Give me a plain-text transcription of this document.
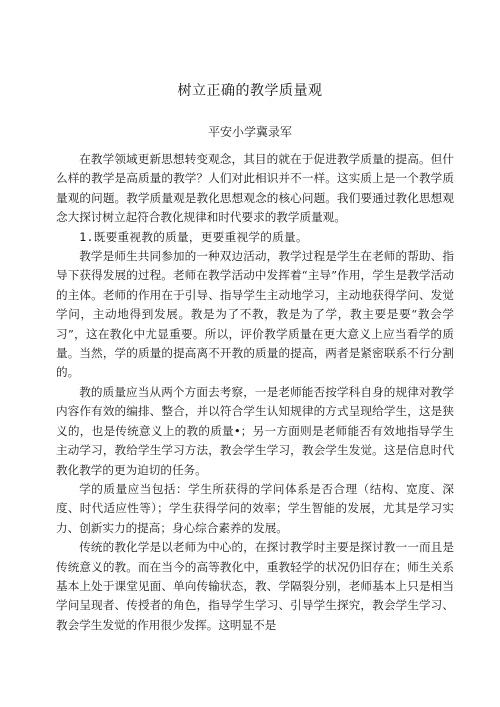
树立正确的教学质量观
平安小学冀录军

在教学领域更新思想转变观念，其目的就在于促进教学质量的提高。但什么样的教学是高质量的教学？人们对此相识并不一样。这实质上是一个教学质量观的问题。教学质量观是教化思想观念的核心问题。我们要通过教化思想观念大探讨树立起符合教化规律和时代要求的教学质量观。

1.既要重视教的质量，更要重视学的质量。

教学是师生共同参加的一种双边活动，教学过程是学生在老师的帮助、指导下获得发展的过程。老师在教学活动中发挥着“主导”作用，学生是教学活动的主体。老师的作用在于引导、指导学生主动地学习，主动地获得学问、发觉学问，主动地得到发展。教是为了不教，教是为了学，教主要是要“教会学习”，这在教化中尤显重要。所以，评价教学质量在更大意义上应当看学的质量。当然，学的质量的提高离不开教的质量的提高，两者是紧密联系不行分割的。

教的质量应当从两个方面去考察，一是老师能否按学科自身的规律对教学内容作有效的编排、整合，并以符合学生认知规律的方式呈现给学生，这是狭义的，也是传统意义上的教的质量•；另一方面则是老师能否有效地指导学生主动学习，教给学生学习方法，教会学生学习，教会学生发觉。这是信息时代教化教学的更为迫切的任务。

学的质量应当包括：学生所获得的学问体系是否合理（结构、宽度、深度、时代适应性等）；学生获得学问的效率；学生智能的发展，尤其是学习实力、创新实力的提高；身心综合素养的发展。

传统的教化学是以老师为中心的，在探讨教学时主要是探讨教一一而且是传统意义的教。而在当今的高等教化中，重教轻学的状况仍旧存在；师生关系基本上处于课堂见面、单向传输状态，教、学隔裂分别，老师基本上只是相当学问呈现者、传授者的角色，指导学生学习、引导学生探究，教会学生学习、教会学生发觉的作用很少发挥。这明显不是
